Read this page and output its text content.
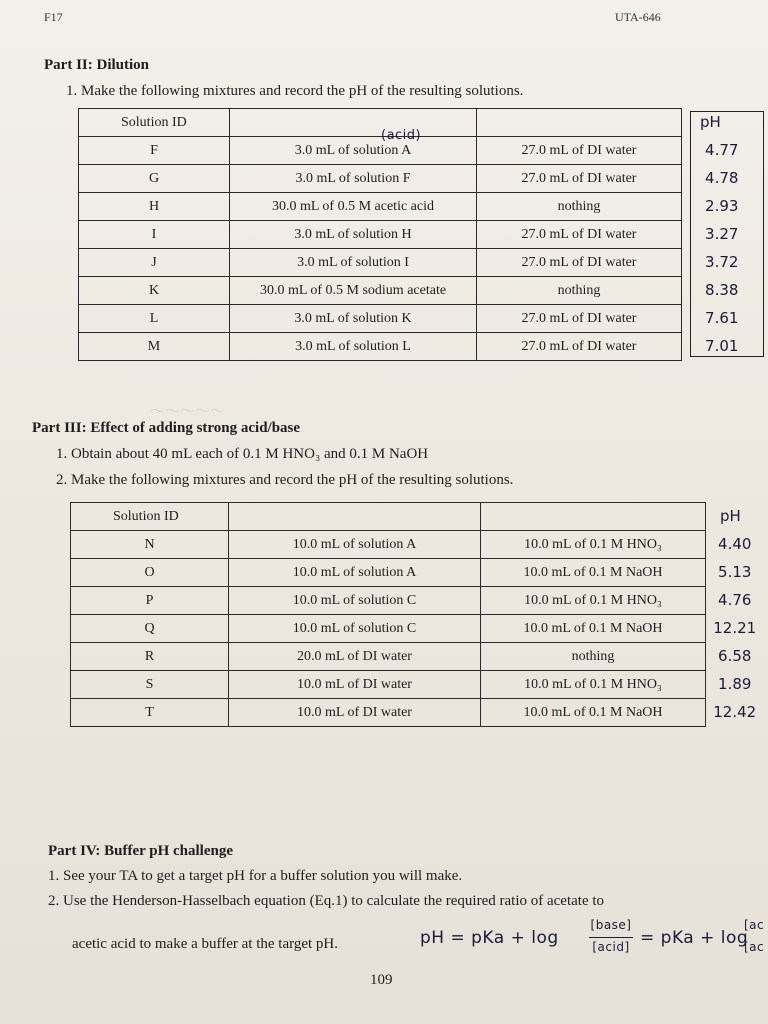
F17	UTA-646
Part II: Dilution
1. Make the following mixtures and record the pH of the resulting solutions.
Solution ID			pH
F	3.0 mL of solution A	27.0 mL of DI water	4.77
G	3.0 mL of solution F	27.0 mL of DI water	4.78
H	30.0 mL of 0.5 M acetic acid	nothing	2.93
I	3.0 mL of solution H	27.0 mL of DI water	3.27
J	3.0 mL of solution I	27.0 mL of DI water	3.72
K	30.0 mL of 0.5 M sodium acetate	nothing	8.38
L	3.0 mL of solution K	27.0 mL of DI water	7.61
M	3.0 mL of solution L	27.0 mL of DI water	7.01
(acid)
～～～～～
Part III: Effect of adding strong acid/base
1. Obtain about 40 mL each of 0.1 M HNO₃ and 0.1 M NaOH
2. Make the following mixtures and record the pH of the resulting solutions.
Solution ID			pH
N	10.0 mL of solution A	10.0 mL of 0.1 M HNO₃	4.40
O	10.0 mL of solution A	10.0 mL of 0.1 M NaOH	5.13
P	10.0 mL of solution C	10.0 mL of 0.1 M HNO₃	4.76
Q	10.0 mL of solution C	10.0 mL of 0.1 M NaOH	12.21
R	20.0 mL of DI water	nothing	6.58
S	10.0 mL of DI water	10.0 mL of 0.1 M HNO₃	1.89
T	10.0 mL of DI water	10.0 mL of 0.1 M NaOH	12.42
Part IV: Buffer pH challenge
1. See your TA to get a target pH for a buffer solution you will make.
2. Use the Henderson-Hasselbach equation (Eq.1) to calculate the required ratio of acetate to
acetic acid to make a buffer at the target pH.	pH = pKa + log
[base]
[acid] = pKa + log
[ac
[ac
109
